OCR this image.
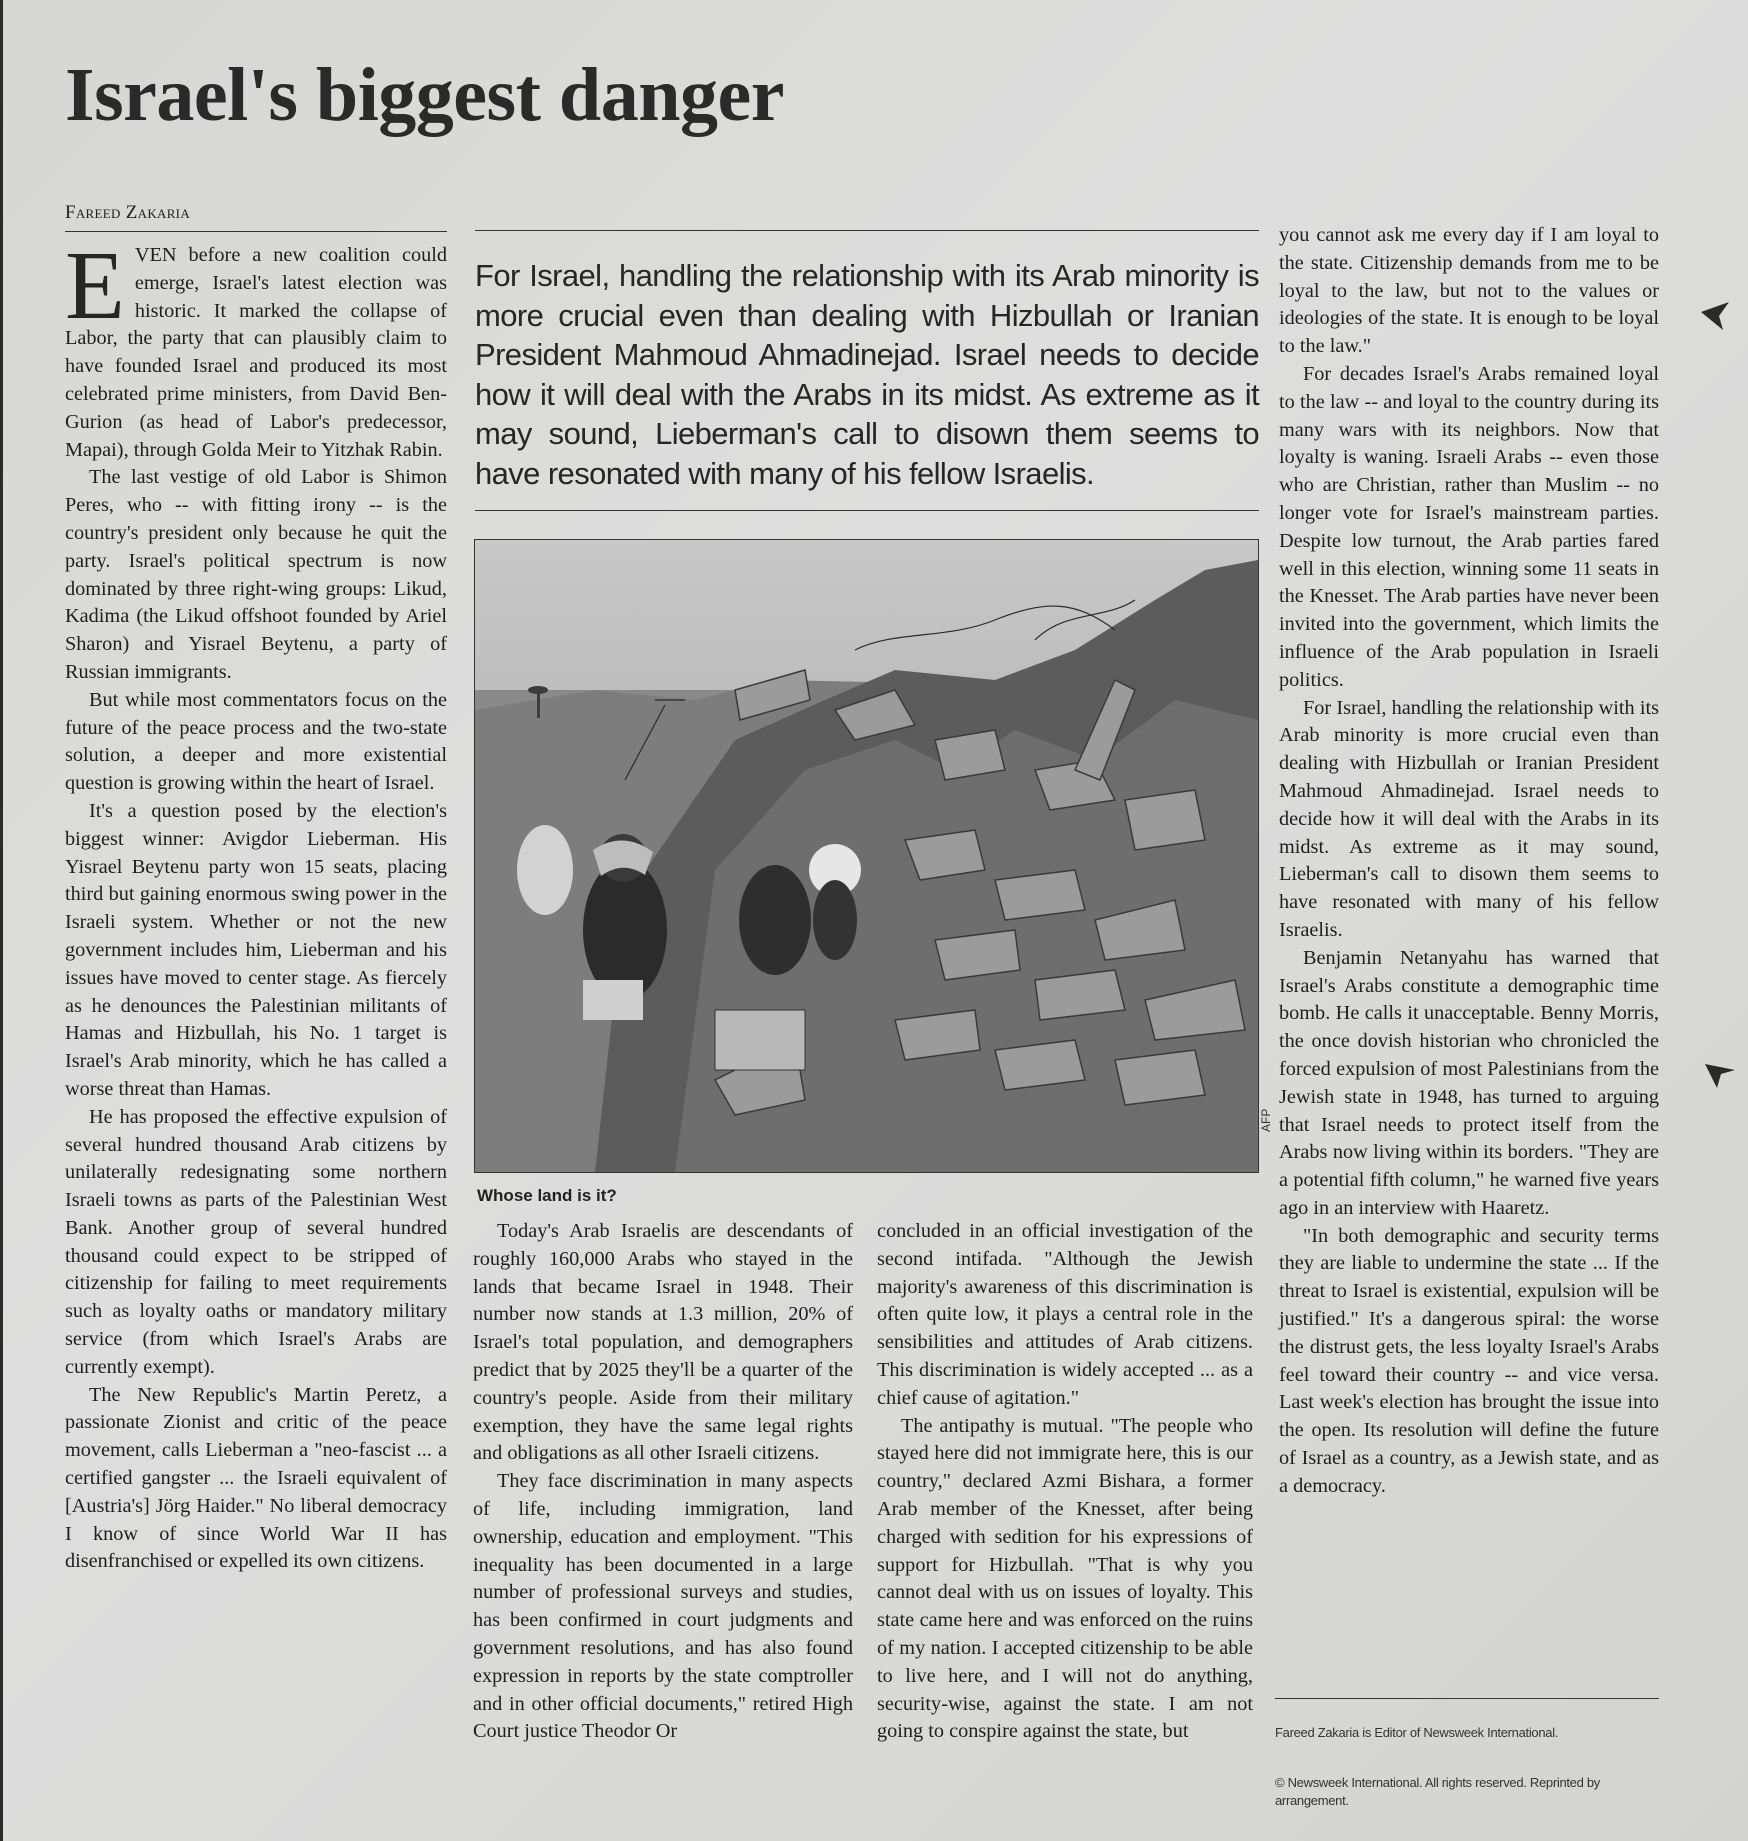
Israel's biggest danger
Fareed Zakaria

EVEN before a new coalition could emerge, Israel's latest election was historic. It marked the collapse of Labor, the party that can plausibly claim to have founded Israel and produced its most celebrated prime ministers, from David Ben-Gurion (as head of Labor's predecessor, Mapai), through Golda Meir to Yitzhak Rabin.

The last vestige of old Labor is Shimon Peres, who -- with fitting irony -- is the country's president only because he quit the party. Israel's political spectrum is now dominated by three right-wing groups: Likud, Kadima (the Likud offshoot founded by Ariel Sharon) and Yisrael Beytenu, a party of Russian immigrants.

But while most commentators focus on the future of the peace process and the two-state solution, a deeper and more existential question is growing within the heart of Israel.

It's a question posed by the election's biggest winner: Avigdor Lieberman. His Yisrael Beytenu party won 15 seats, placing third but gaining enormous swing power in the Israeli system. Whether or not the new government includes him, Lieberman and his issues have moved to center stage. As fiercely as he denounces the Palestinian militants of Hamas and Hizbullah, his No. 1 target is Israel's Arab minority, which he has called a worse threat than Hamas.

He has proposed the effective expulsion of several hundred thousand Arab citizens by unilaterally redesignating some northern Israeli towns as parts of the Palestinian West Bank. Another group of several hundred thousand could expect to be stripped of citizenship for failing to meet requirements such as loyalty oaths or mandatory military service (from which Israel's Arabs are currently exempt).

The New Republic's Martin Peretz, a passionate Zionist and critic of the peace movement, calls Lieberman a "neo-fascist ... a certified gangster ... the Israeli equivalent of [Austria's] Jörg Haider." No liberal democracy I know of since World War II has disenfranchised or expelled its own citizens.

For Israel, handling the relationship with its Arab minority is more crucial even than dealing with Hizbullah or Iranian President Mahmoud Ahmadinejad. Israel needs to decide how it will deal with the Arabs in its midst. As extreme as it may sound, Lieberman's call to disown them seems to have resonated with many of his fellow Israelis.

AFP
Whose land is it?

Today's Arab Israelis are descendants of roughly 160,000 Arabs who stayed in the lands that became Israel in 1948. Their number now stands at 1.3 million, 20% of Israel's total population, and demographers predict that by 2025 they'll be a quarter of the country's people. Aside from their military exemption, they have the same legal rights and obligations as all other Israeli citizens.

They face discrimination in many aspects of life, including immigration, land ownership, education and employment. "This inequality has been documented in a large number of professional surveys and studies, has been confirmed in court judgments and government resolutions, and has also found expression in reports by the state comptroller and in other official documents," retired High Court justice Theodor Or

concluded in an official investigation of the second intifada. "Although the Jewish majority's awareness of this discrimination is often quite low, it plays a central role in the sensibilities and attitudes of Arab citizens. This discrimination is widely accepted ... as a chief cause of agitation."

The antipathy is mutual. "The people who stayed here did not immigrate here, this is our country," declared Azmi Bishara, a former Arab member of the Knesset, after being charged with sedition for his expressions of support for Hizbullah. "That is why you cannot deal with us on issues of loyalty. This state came here and was enforced on the ruins of my nation. I accepted citizenship to be able to live here, and I will not do anything, security-wise, against the state. I am not going to conspire against the state, but

you cannot ask me every day if I am loyal to the state. Citizenship demands from me to be loyal to the law, but not to the values or ideologies of the state. It is enough to be loyal to the law."

For decades Israel's Arabs remained loyal to the law -- and loyal to the country during its many wars with its neighbors. Now that loyalty is waning. Israeli Arabs -- even those who are Christian, rather than Muslim -- no longer vote for Israel's mainstream parties. Despite low turnout, the Arab parties fared well in this election, winning some 11 seats in the Knesset. The Arab parties have never been invited into the government, which limits the influence of the Arab population in Israeli politics.

For Israel, handling the relationship with its Arab minority is more crucial even than dealing with Hizbullah or Iranian President Mahmoud Ahmadinejad. Israel needs to decide how it will deal with the Arabs in its midst. As extreme as it may sound, Lieberman's call to disown them seems to have resonated with many of his fellow Israelis.

Benjamin Netanyahu has warned that Israel's Arabs constitute a demographic time bomb. He calls it unacceptable. Benny Morris, the once dovish historian who chronicled the forced expulsion of most Palestinians from the Jewish state in 1948, has turned to arguing that Israel needs to protect itself from the Arabs now living within its borders. "They are a potential fifth column," he warned five years ago in an interview with Haaretz.

"In both demographic and security terms they are liable to undermine the state ... If the threat to Israel is existential, expulsion will be justified." It's a dangerous spiral: the worse the distrust gets, the less loyalty Israel's Arabs feel toward their country -- and vice versa. Last week's election has brought the issue into the open. Its resolution will define the future of Israel as a country, as a Jewish state, and as a democracy.

Fareed Zakaria is Editor of Newsweek International.
© Newsweek International. All rights reserved. Reprinted by arrangement.
